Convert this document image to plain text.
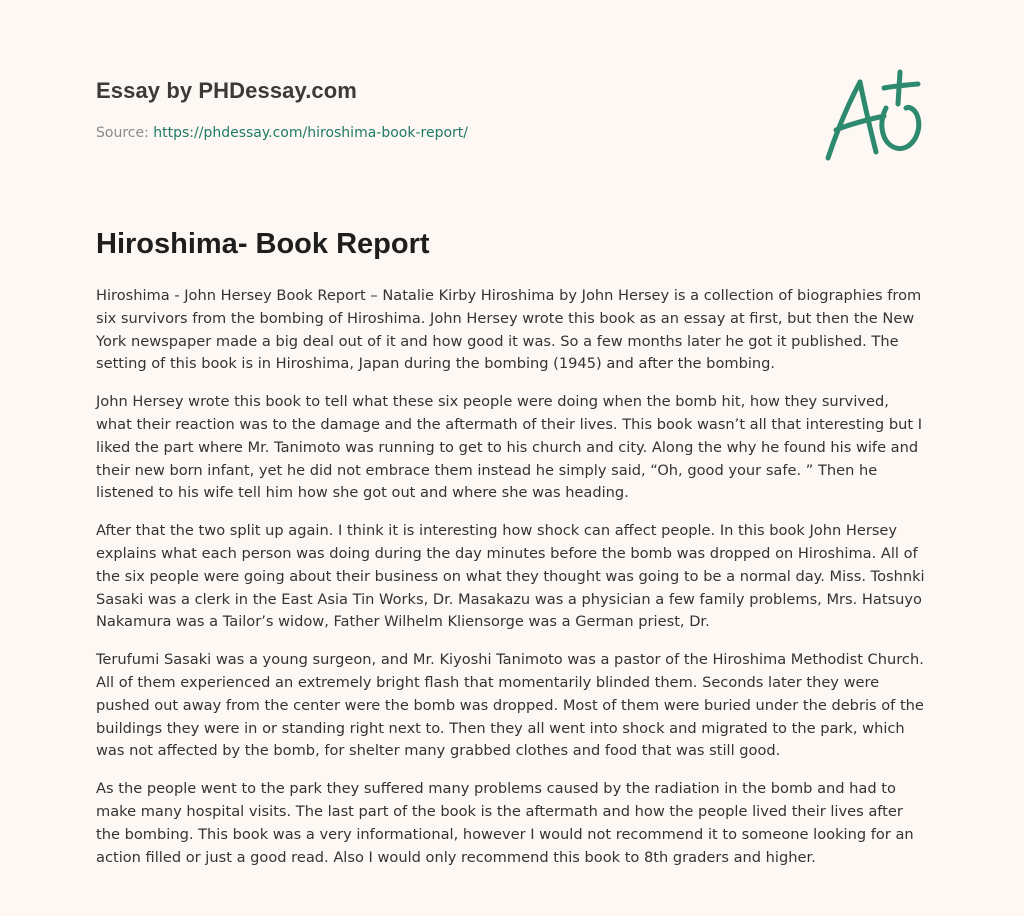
Essay by PHDessay.com
Source: https://phdessay.com/hiroshima-book-report/
Hiroshima- Book Report

Hiroshima - John Hersey Book Report – Natalie Kirby Hiroshima by John Hersey is a collection of biographies from six survivors from the bombing of Hiroshima. John Hersey wrote this book as an essay at first, but then the New York newspaper made a big deal out of it and how good it was. So a few months later he got it published. The setting of this book is in Hiroshima, Japan during the bombing (1945) and after the bombing.

John Hersey wrote this book to tell what these six people were doing when the bomb hit, how they survived, what their reaction was to the damage and the aftermath of their lives. This book wasn’t all that interesting but I liked the part where Mr. Tanimoto was running to get to his church and city. Along the why he found his wife and their new born infant, yet he did not embrace them instead he simply said, “Oh, good your safe. ” Then he listened to his wife tell him how she got out and where she was heading.

After that the two split up again. I think it is interesting how shock can affect people. In this book John Hersey explains what each person was doing during the day minutes before the bomb was dropped on Hiroshima. All of the six people were going about their business on what they thought was going to be a normal day. Miss. Toshnki Sasaki was a clerk in the East Asia Tin Works, Dr. Masakazu was a physician a few family problems, Mrs. Hatsuyo Nakamura was a Tailor’s widow, Father Wilhelm Kliensorge was a German priest, Dr.

Terufumi Sasaki was a young surgeon, and Mr. Kiyoshi Tanimoto was a pastor of the Hiroshima Methodist Church. All of them experienced an extremely bright flash that momentarily blinded them. Seconds later they were pushed out away from the center were the bomb was dropped. Most of them were buried under the debris of the buildings they were in or standing right next to. Then they all went into shock and migrated to the park, which was not affected by the bomb, for shelter many grabbed clothes and food that was still good.

As the people went to the park they suffered many problems caused by the radiation in the bomb and had to make many hospital visits. The last part of the book is the aftermath and how the people lived their lives after the bombing. This book was a very informational, however I would not recommend it to someone looking for an action filled or just a good read. Also I would only recommend this book to 8th graders and higher.
